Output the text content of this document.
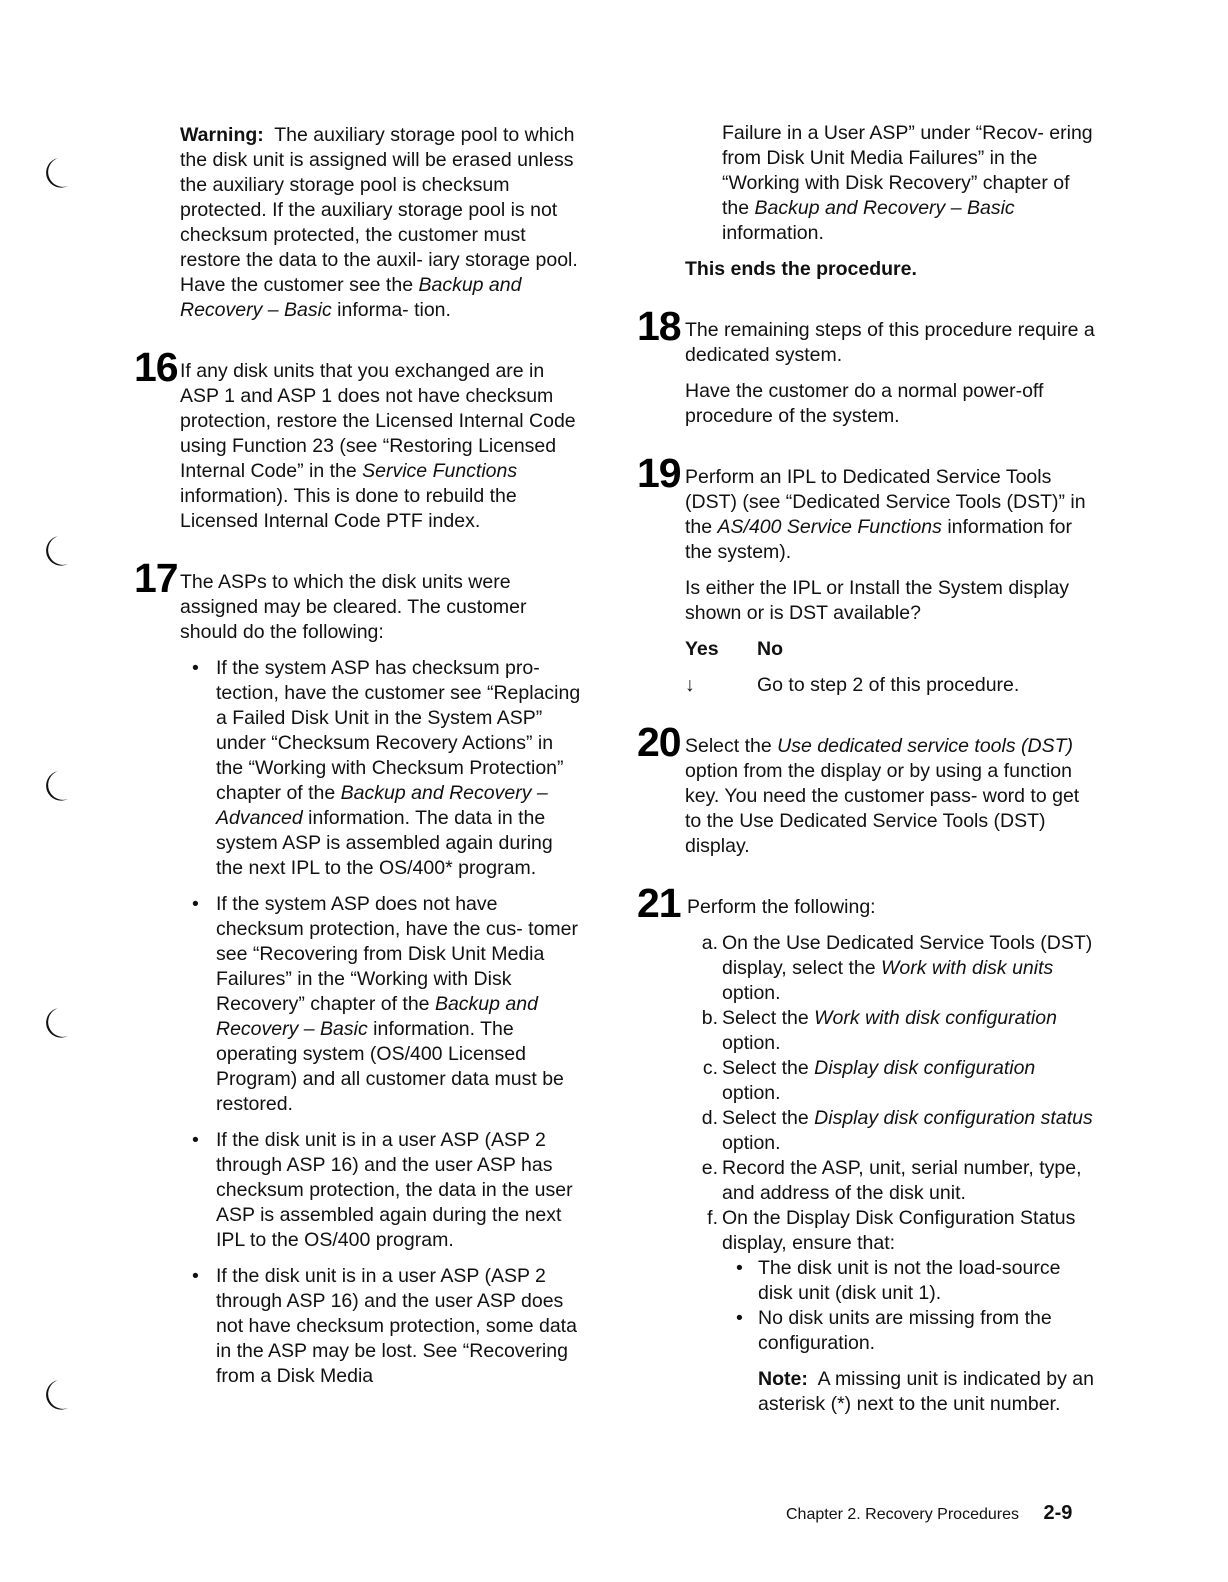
Warning: The auxiliary storage pool to which the disk unit is assigned will be erased unless the auxiliary storage pool is checksum protected. If the auxiliary storage pool is not checksum protected, the customer must restore the data to the auxil- iary storage pool. Have the customer see the Backup and Recovery – Basic informa- tion.

16 If any disk units that you exchanged are in ASP 1 and ASP 1 does not have checksum protection, restore the Licensed Internal Code using Function 23 (see “Restoring Licensed Internal Code” in the Service Functions information). This is done to rebuild the Licensed Internal Code PTF index.

17 The ASPs to which the disk units were assigned may be cleared. The customer should do the following:

• If the system ASP has checksum pro- tection, have the customer see “Replacing a Failed Disk Unit in the System ASP” under “Checksum Recovery Actions” in the “Working with Checksum Protection” chapter of the Backup and Recovery – Advanced information. The data in the system ASP is assembled again during the next IPL to the OS/400* program.
• If the system ASP does not have checksum protection, have the cus- tomer see “Recovering from Disk Unit Media Failures” in the “Working with Disk Recovery” chapter of the Backup and Recovery – Basic information. The operating system (OS/400 Licensed Program) and all customer data must be restored.
• If the disk unit is in a user ASP (ASP 2 through ASP 16) and the user ASP has checksum protection, the data in the user ASP is assembled again during the next IPL to the OS/400 program.
• If the disk unit is in a user ASP (ASP 2 through ASP 16) and the user ASP does not have checksum protection, some data in the ASP may be lost. See “Recovering from a Disk Media

Failure in a User ASP” under “Recov- ering from Disk Unit Media Failures” in the “Working with Disk Recovery” chapter of the Backup and Recovery – Basic information.

This ends the procedure.

18 The remaining steps of this procedure require a dedicated system.

Have the customer do a normal power-off procedure of the system.

19 Perform an IPL to Dedicated Service Tools (DST) (see “Dedicated Service Tools (DST)” in the AS/400 Service Functions information for the system).

Is either the IPL or Install the System display shown or is DST available?

Yes	No
↓	Go to step 2 of this procedure.
20 Select the Use dedicated service tools (DST) option from the display or by using a function key. You need the customer pass- word to get to the Use Dedicated Service Tools (DST) display.

21 Perform the following:

a. On the Use Dedicated Service Tools (DST) display, select the Work with disk units option.
b. Select the Work with disk configuration option.
c. Select the Display disk configuration option.
d. Select the Display disk configuration status option.
e. Record the ASP, unit, serial number, type, and address of the disk unit.
f. On the Display Disk Configuration Status display, ensure that:
• The disk unit is not the load-source disk unit (disk unit 1).
• No disk units are missing from the configuration.

Note: A missing unit is indicated by an asterisk (*) next to the unit number.

Chapter 2. Recovery Procedures 2-9
